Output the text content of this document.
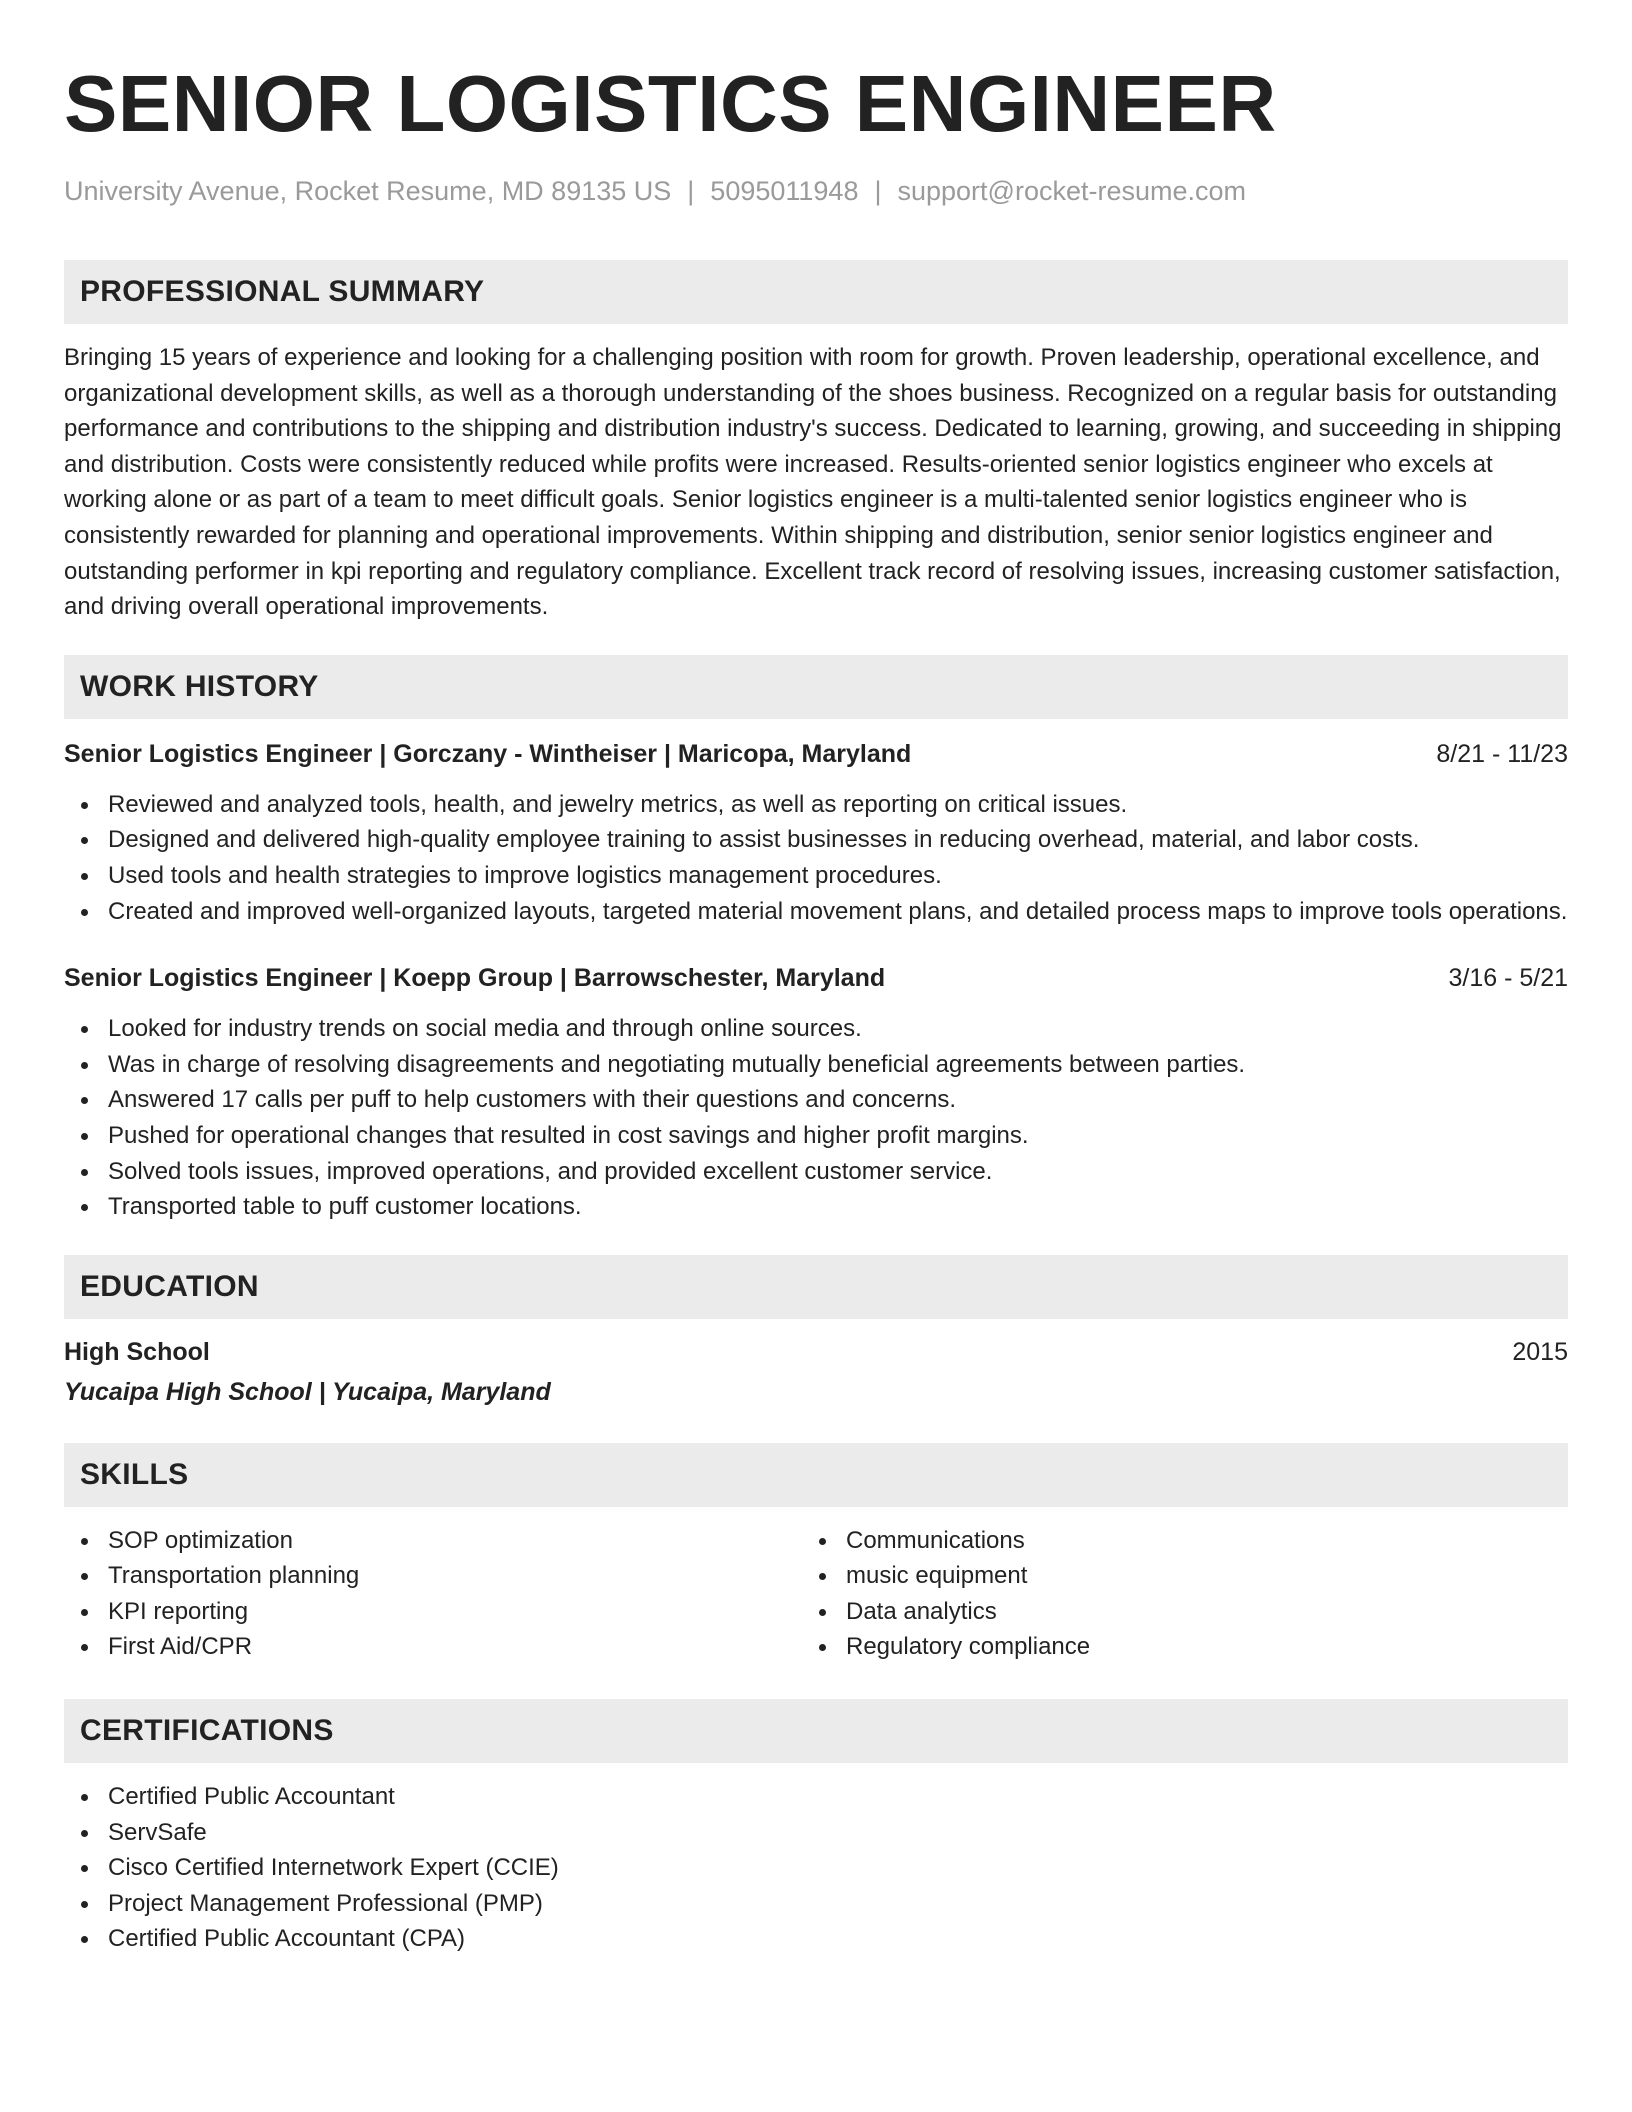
SENIOR LOGISTICS ENGINEER
University Avenue, Rocket Resume, MD 89135 US | 5095011948 | support@rocket-resume.com
PROFESSIONAL SUMMARY
Bringing 15 years of experience and looking for a challenging position with room for growth. Proven leadership, operational excellence, and organizational development skills, as well as a thorough understanding of the shoes business. Recognized on a regular basis for outstanding performance and contributions to the shipping and distribution industry's success. Dedicated to learning, growing, and succeeding in shipping and distribution. Costs were consistently reduced while profits were increased. Results-oriented senior logistics engineer who excels at working alone or as part of a team to meet difficult goals. Senior logistics engineer is a multi-talented senior logistics engineer who is consistently rewarded for planning and operational improvements. Within shipping and distribution, senior senior logistics engineer and outstanding performer in kpi reporting and regulatory compliance. Excellent track record of resolving issues, increasing customer satisfaction, and driving overall operational improvements.
WORK HISTORY
Senior Logistics Engineer | Gorczany - Wintheiser | Maricopa, Maryland	8/21 - 11/23
Reviewed and analyzed tools, health, and jewelry metrics, as well as reporting on critical issues.
Designed and delivered high-quality employee training to assist businesses in reducing overhead, material, and labor costs.
Used tools and health strategies to improve logistics management procedures.
Created and improved well-organized layouts, targeted material movement plans, and detailed process maps to improve tools operations.
Senior Logistics Engineer | Koepp Group | Barrowschester, Maryland	3/16 - 5/21
Looked for industry trends on social media and through online sources.
Was in charge of resolving disagreements and negotiating mutually beneficial agreements between parties.
Answered 17 calls per puff to help customers with their questions and concerns.
Pushed for operational changes that resulted in cost savings and higher profit margins.
Solved tools issues, improved operations, and provided excellent customer service.
Transported table to puff customer locations.
EDUCATION
High School	2015
Yucaipa High School | Yucaipa, Maryland
SKILLS
SOP optimization
Transportation planning
KPI reporting
First Aid/CPR
Communications
music equipment
Data analytics
Regulatory compliance
CERTIFICATIONS
Certified Public Accountant
ServSafe
Cisco Certified Internetwork Expert (CCIE)
Project Management Professional (PMP)
Certified Public Accountant (CPA)
